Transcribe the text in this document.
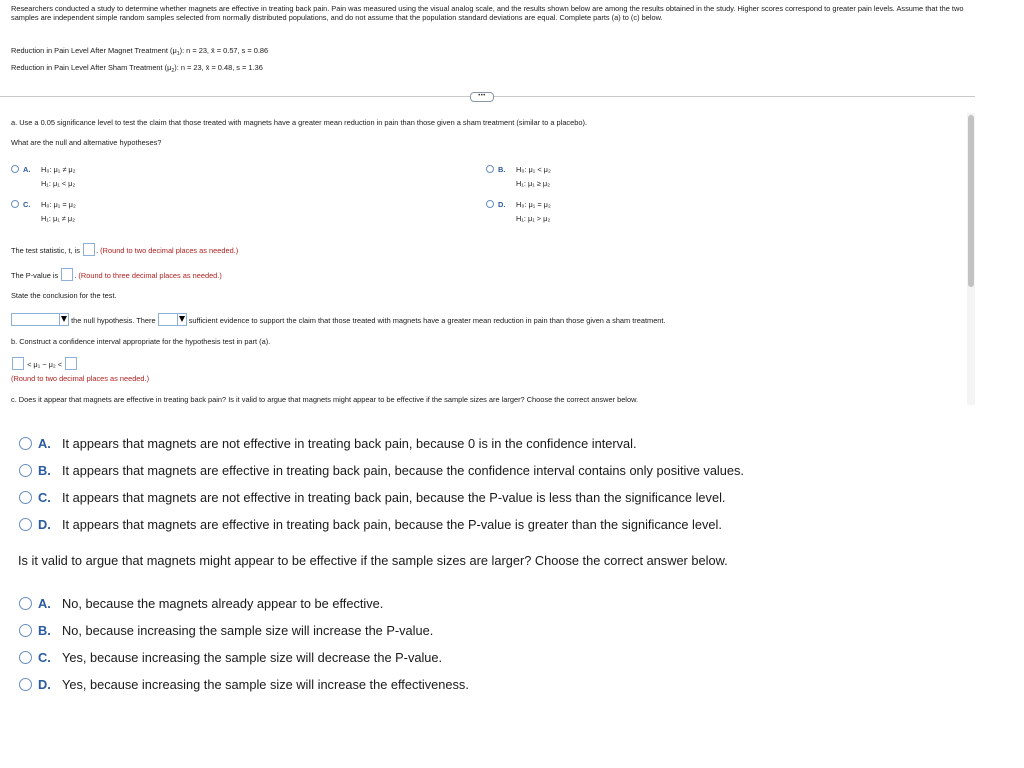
Researchers conducted a study to determine whether magnets are effective in treating back pain. Pain was measured using the visual analog scale, and the results shown below are among the results obtained in the study. Higher scores correspond to greater pain levels. Assume that the two samples are independent simple random samples selected from normally distributed populations, and do not assume that the population standard deviations are equal. Complete parts (a) to (c) below.
Reduction in Pain Level After Magnet Treatment $(\mu_1)$: n = 23, x̄ = 0.57, s = 0.86
Reduction in Pain Level After Sham Treatment $(\mu_2)$: n = 23, x̄ = 0.48, s = 1.36
•••
a. Use a 0.05 significance level to test the claim that those treated with magnets have a greater mean reduction in pain than those given a sham treatment (similar to a placebo).
What are the null and alternative hypotheses?
A.	H₀: μ₁ ≠ μ₂
H₁: μ₁ < μ₂
B.	H₀: μ₁ < μ₂
H₁: μ₁ ≥ μ₂
C.	H₀: μ₁ = μ₂
H₁: μ₁ ≠ μ₂
D.	H₀: μ₁ = μ₂
H₁: μ₁ > μ₂
The test statistic, t, is . (Round to two decimal places as needed.)
The P-value is . (Round to three decimal places as needed.)
State the conclusion for the test.
the null hypothesis. There	sufficient evidence to support the claim that those treated with magnets have a greater mean reduction in pain than those given a sham treatment.
b. Construct a confidence interval appropriate for the hypothesis test in part (a).
< μ₁ − μ₂ <
(Round to two decimal places as needed.)
c. Does it appear that magnets are effective in treating back pain? Is it valid to argue that magnets might appear to be effective if the sample sizes are larger? Choose the correct answer below.
A. It appears that magnets are not effective in treating back pain, because 0 is in the confidence interval.
B. It appears that magnets are effective in treating back pain, because the confidence interval contains only positive values.
C. It appears that magnets are not effective in treating back pain, because the P-value is less than the significance level.
D. It appears that magnets are effective in treating back pain, because the P-value is greater than the significance level.
Is it valid to argue that magnets might appear to be effective if the sample sizes are larger? Choose the correct answer below.
A. No, because the magnets already appear to be effective.
B. No, because increasing the sample size will increase the P-value.
C. Yes, because increasing the sample size will decrease the P-value.
D. Yes, because increasing the sample size will increase the effectiveness.
